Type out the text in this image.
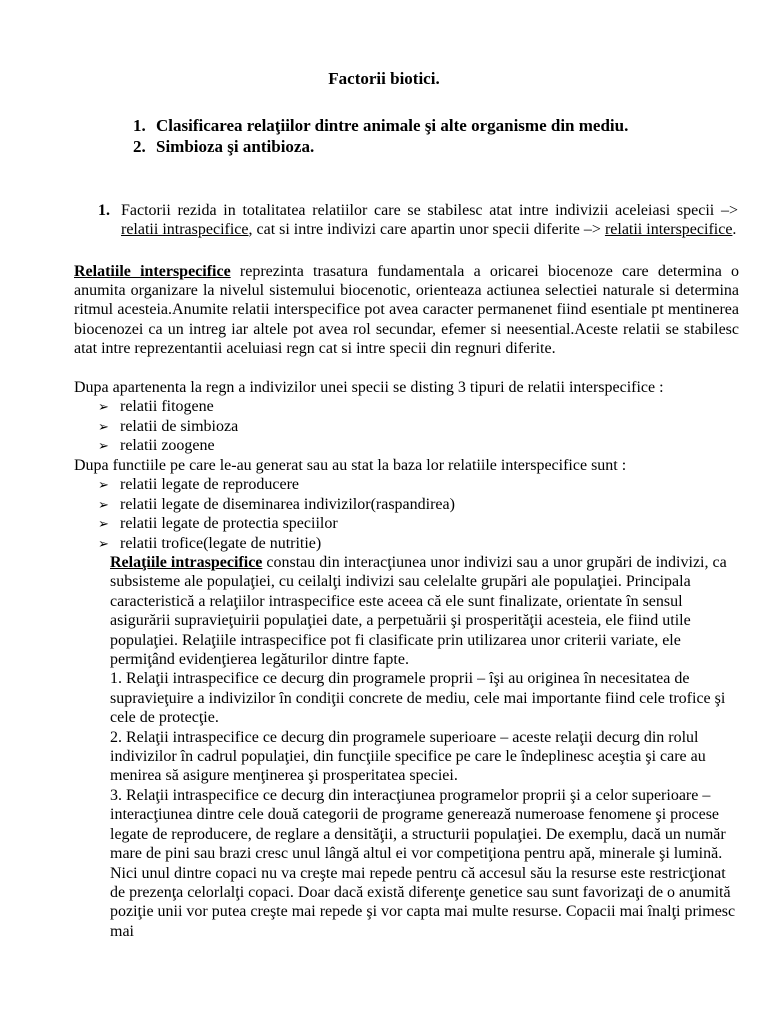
Factorii biotici.
1. Clasificarea relaţiilor dintre animale şi alte organisme din mediu.
2. Simbioza şi antibioza.
1. Factorii rezida in totalitatea relatiilor care se stabilesc atat intre indivizii aceleiasi specii –> relatii intraspecifice, cat si intre indivizi care apartin unor specii diferite –> relatii interspecifice.
Relatiile interspecifice reprezinta trasatura fundamentala a oricarei biocenoze care determina o anumita organizare la nivelul sistemului biocenotic, orienteaza actiunea selectiei naturale si determina ritmul acesteia.Anumite relatii interspecifice pot avea caracter permanenet fiind esentiale pt mentinerea biocenozei ca un intreg iar altele pot avea rol secundar, efemer si neesential.Aceste relatii se stabilesc atat intre reprezentantii aceluiasi regn cat si intre specii din regnuri diferite.
Dupa apartenenta la regn a indivizilor unei specii se disting 3 tipuri de relatii interspecifice :
➢ relatii fitogene
➢ relatii de simbioza
➢ relatii zoogene
Dupa functiile pe care le-au generat sau au stat la baza lor relatiile interspecifice sunt :
➢ relatii legate de reproducere
➢ relatii legate de diseminarea indivizilor(raspandirea)
➢ relatii legate de protectia speciilor
➢ relatii trofice(legate de nutritie)

Relaţiile intraspecifice constau din interacţiunea unor indivizi sau a unor grupări de indivizi, ca subsisteme ale populaţiei, cu ceilalţi indivizi sau celelalte grupări ale populaţiei. Principala caracteristică a relaţiilor intraspecifice este aceea că ele sunt finalizate, orientate în sensul asigurării supravieţuirii populaţiei date, a perpetuării şi prosperităţii acesteia, ele fiind utile populaţiei. Relaţiile intraspecifice pot fi clasificate prin utilizarea unor criterii variate, ele permiţând evidenţierea legăturilor dintre fapte.

1. Relaţii intraspecifice ce decurg din programele proprii – îşi au originea în necesitatea de supravieţuire a indivizilor în condiţii concrete de mediu, cele mai importante fiind cele trofice şi cele de protecţie.

2. Relaţii intraspecifice ce decurg din programele superioare – aceste relaţii decurg din rolul indivizilor în cadrul populaţiei, din funcţiile specifice pe care le îndeplinesc aceştia şi care au menirea să asigure menţinerea şi prosperitatea speciei.

3. Relaţii intraspecifice ce decurg din interacţiunea programelor proprii şi a celor superioare – interacţiunea dintre cele două categorii de programe generează numeroase fenomene şi procese legate de reproducere, de reglare a densităţii, a structurii populaţiei. De exemplu, dacă un număr mare de pini sau brazi cresc unul lângă altul ei vor competiţiona pentru apă, minerale şi lumină. Nici unul dintre copaci nu va creşte mai repede pentru că accesul său la resurse este restricţionat de prezenţa celorlalţi copaci. Doar dacă există diferenţe genetice sau sunt favorizaţi de o anumită poziţie unii vor putea creşte mai repede şi vor capta mai multe resurse. Copacii mai înalţi primesc mai
